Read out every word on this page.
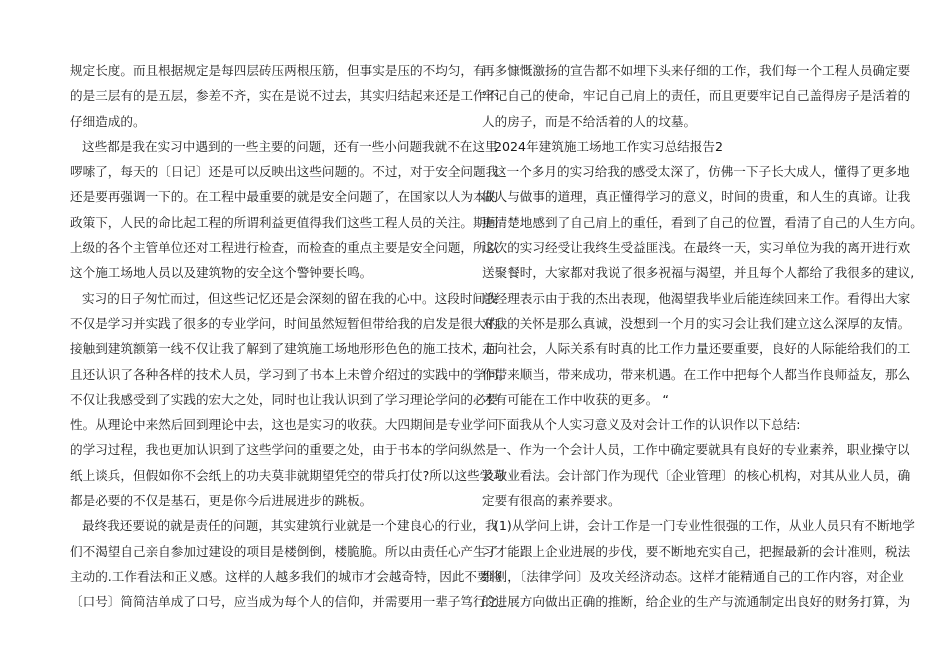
规定长度。而且根据规定是每四层砖压两根压筋，但事实是压的不均匀，有
的是三层有的是五层，参差不齐，实在是说不过去，其实归结起来还是工作不
仔细造成的。
这些都是我在实习中遇到的一些主要的问题，还有一些小问题我就不在这里
啰嗦了，每天的〔日记〕还是可以反映出这些问题的。不过，对于安全问题我
还是要再强调一下的。在工程中最重要的就是安全问题了，在国家以人为本的
政策下，人民的命比起工程的所谓利益更值得我们这些工程人员的关注。期间
上级的各个主管单位还对工程进行检查，而检查的重点主要是安全问题，所以
这个施工场地人员以及建筑物的安全这个警钟要长鸣。
实习的日子匆忙而过，但这些记忆还是会深刻的留在我的心中。这段时间我
不仅是学习并实践了很多的专业学问，时间虽然短暂但带给我的启发是很大的。
接触到建筑额第一线不仅让我了解到了建筑施工场地形形色色的施工技术，而
且还认识了各种各样的技术人员，学习到了书本上未曾介绍过的实践中的学问。
不仅让我感受到了实践的宏大之处，同时也让我认识到了学习理论学问的必要
性。从理论中来然后回到理论中去，这也是实习的收获。大四期间是专业学问
的学习过程，我也更加认识到了这些学问的重要之处，由于书本的学问纵然是
纸上谈兵，但假如你不会纸上的功夫莫非就期望凭空的带兵打仗?所以这些学习
都是必要的不仅是基石，更是你今后进展进步的跳板。
最终我还要说的就是责任的问题，其实建筑行业就是一个建良心的行业，我
们不渴望自己亲自参加过建设的项目是楼倒倒，楼脆脆。所以由责任心产生了
主动的.工作看法和正义感。这样的人越多我们的城市才会越奇特，因此不要将
〔口号〕简简洁单成了口号，应当成为每个人的信仰，并需要用一辈子笃行之。
再多慷慨激扬的宣告都不如埋下头来仔细的工作，我们每一个工程人员确定要
牢记自己的使命，牢记自己肩上的责任，而且更要牢记自己盖得房子是活着的
人的房子，而是不给活着的人的坟墓。
2024年建筑施工场地工作实习总结报告2
这一个多月的实习给我的感受太深了，仿佛一下子长大成人，懂得了更多地
做人与做事的道理，真正懂得学习的意义，时间的贵重，和人生的真谛。让我
更清楚地感到了自己肩上的重任，看到了自己的位置，看清了自己的人生方向。
这次的实习经受让我终生受益匪浅。在最终一天，实习单位为我的离开进行欢
送聚餐时，大家都对我说了很多祝福与渴望，并且每个人都给了我很多的建议,
总经理表示由于我的杰出表现，他渴望我毕业后能连续回来工作。看得出大家
对我的关怀是那么真诚，没想到一个月的实习会让我们建立这么深厚的友情。
走向社会，人际关系有时真的比工作力量还要重要，良好的人际能给我们的工
作带来顺当，带来成功，带来机遇。在工作中把每个人都当作良师益友，那么
才有可能在工作中收获的更多。 “
下面我从个人实习意义及对会计工作的认识作以下总结:
一、作为一个会计人员，工作中确定要就具有良好的专业素养，职业操守以
及敬业看法。会计部门作为现代〔企业管理〕的核心机构，对其从业人员，确
定要有很高的素养要求。
(1)从学问上讲，会计工作是一门专业性很强的工作，从业人员只有不断地学
习才能跟上企业进展的步伐，要不断地充实自己，把握最新的会计准则，税法
细则，〔法律学问〕及攻关经济动态。这样才能精通自己的工作内容，对企业
的进展方向做出正确的推断，给企业的生产与流通制定出良好的财务打算，为
